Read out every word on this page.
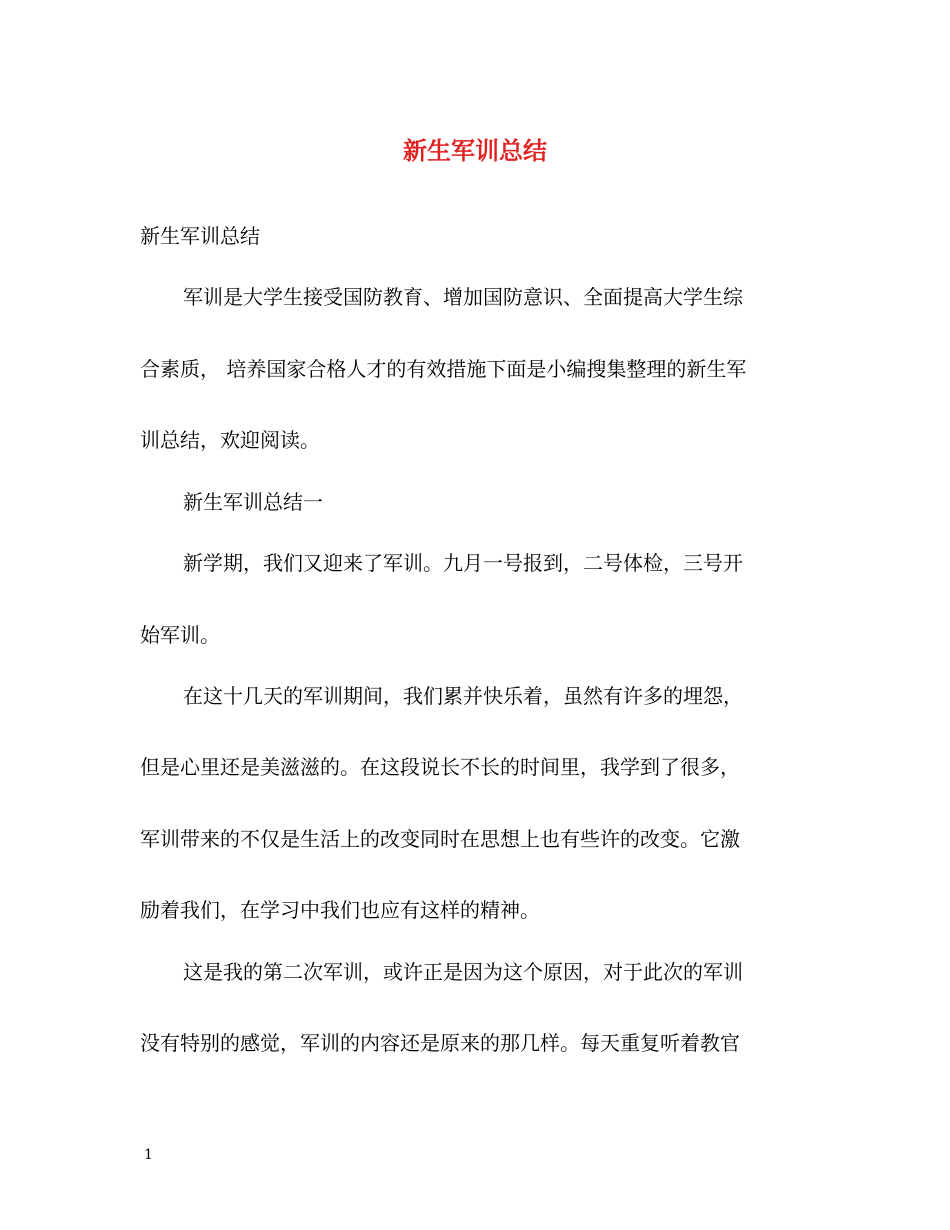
新生军训总结

新生军训总结

军训是大学生接受国防教育、增加国防意识、全面提高大学生综

合素质， 培养国家合格人才的有效措施下面是小编搜集整理的新生军

训总结，欢迎阅读。

新生军训总结一

新学期，我们又迎来了军训。九月一号报到，二号体检，三号开

始军训。

在这十几天的军训期间，我们累并快乐着，虽然有许多的埋怨，

但是心里还是美滋滋的。在这段说长不长的时间里，我学到了很多，

军训带来的不仅是生活上的改变同时在思想上也有些许的改变。它激

励着我们，在学习中我们也应有这样的精神。

这是我的第二次军训，或许正是因为这个原因，对于此次的军训

没有特别的感觉，军训的内容还是原来的那几样。每天重复听着教官

1
